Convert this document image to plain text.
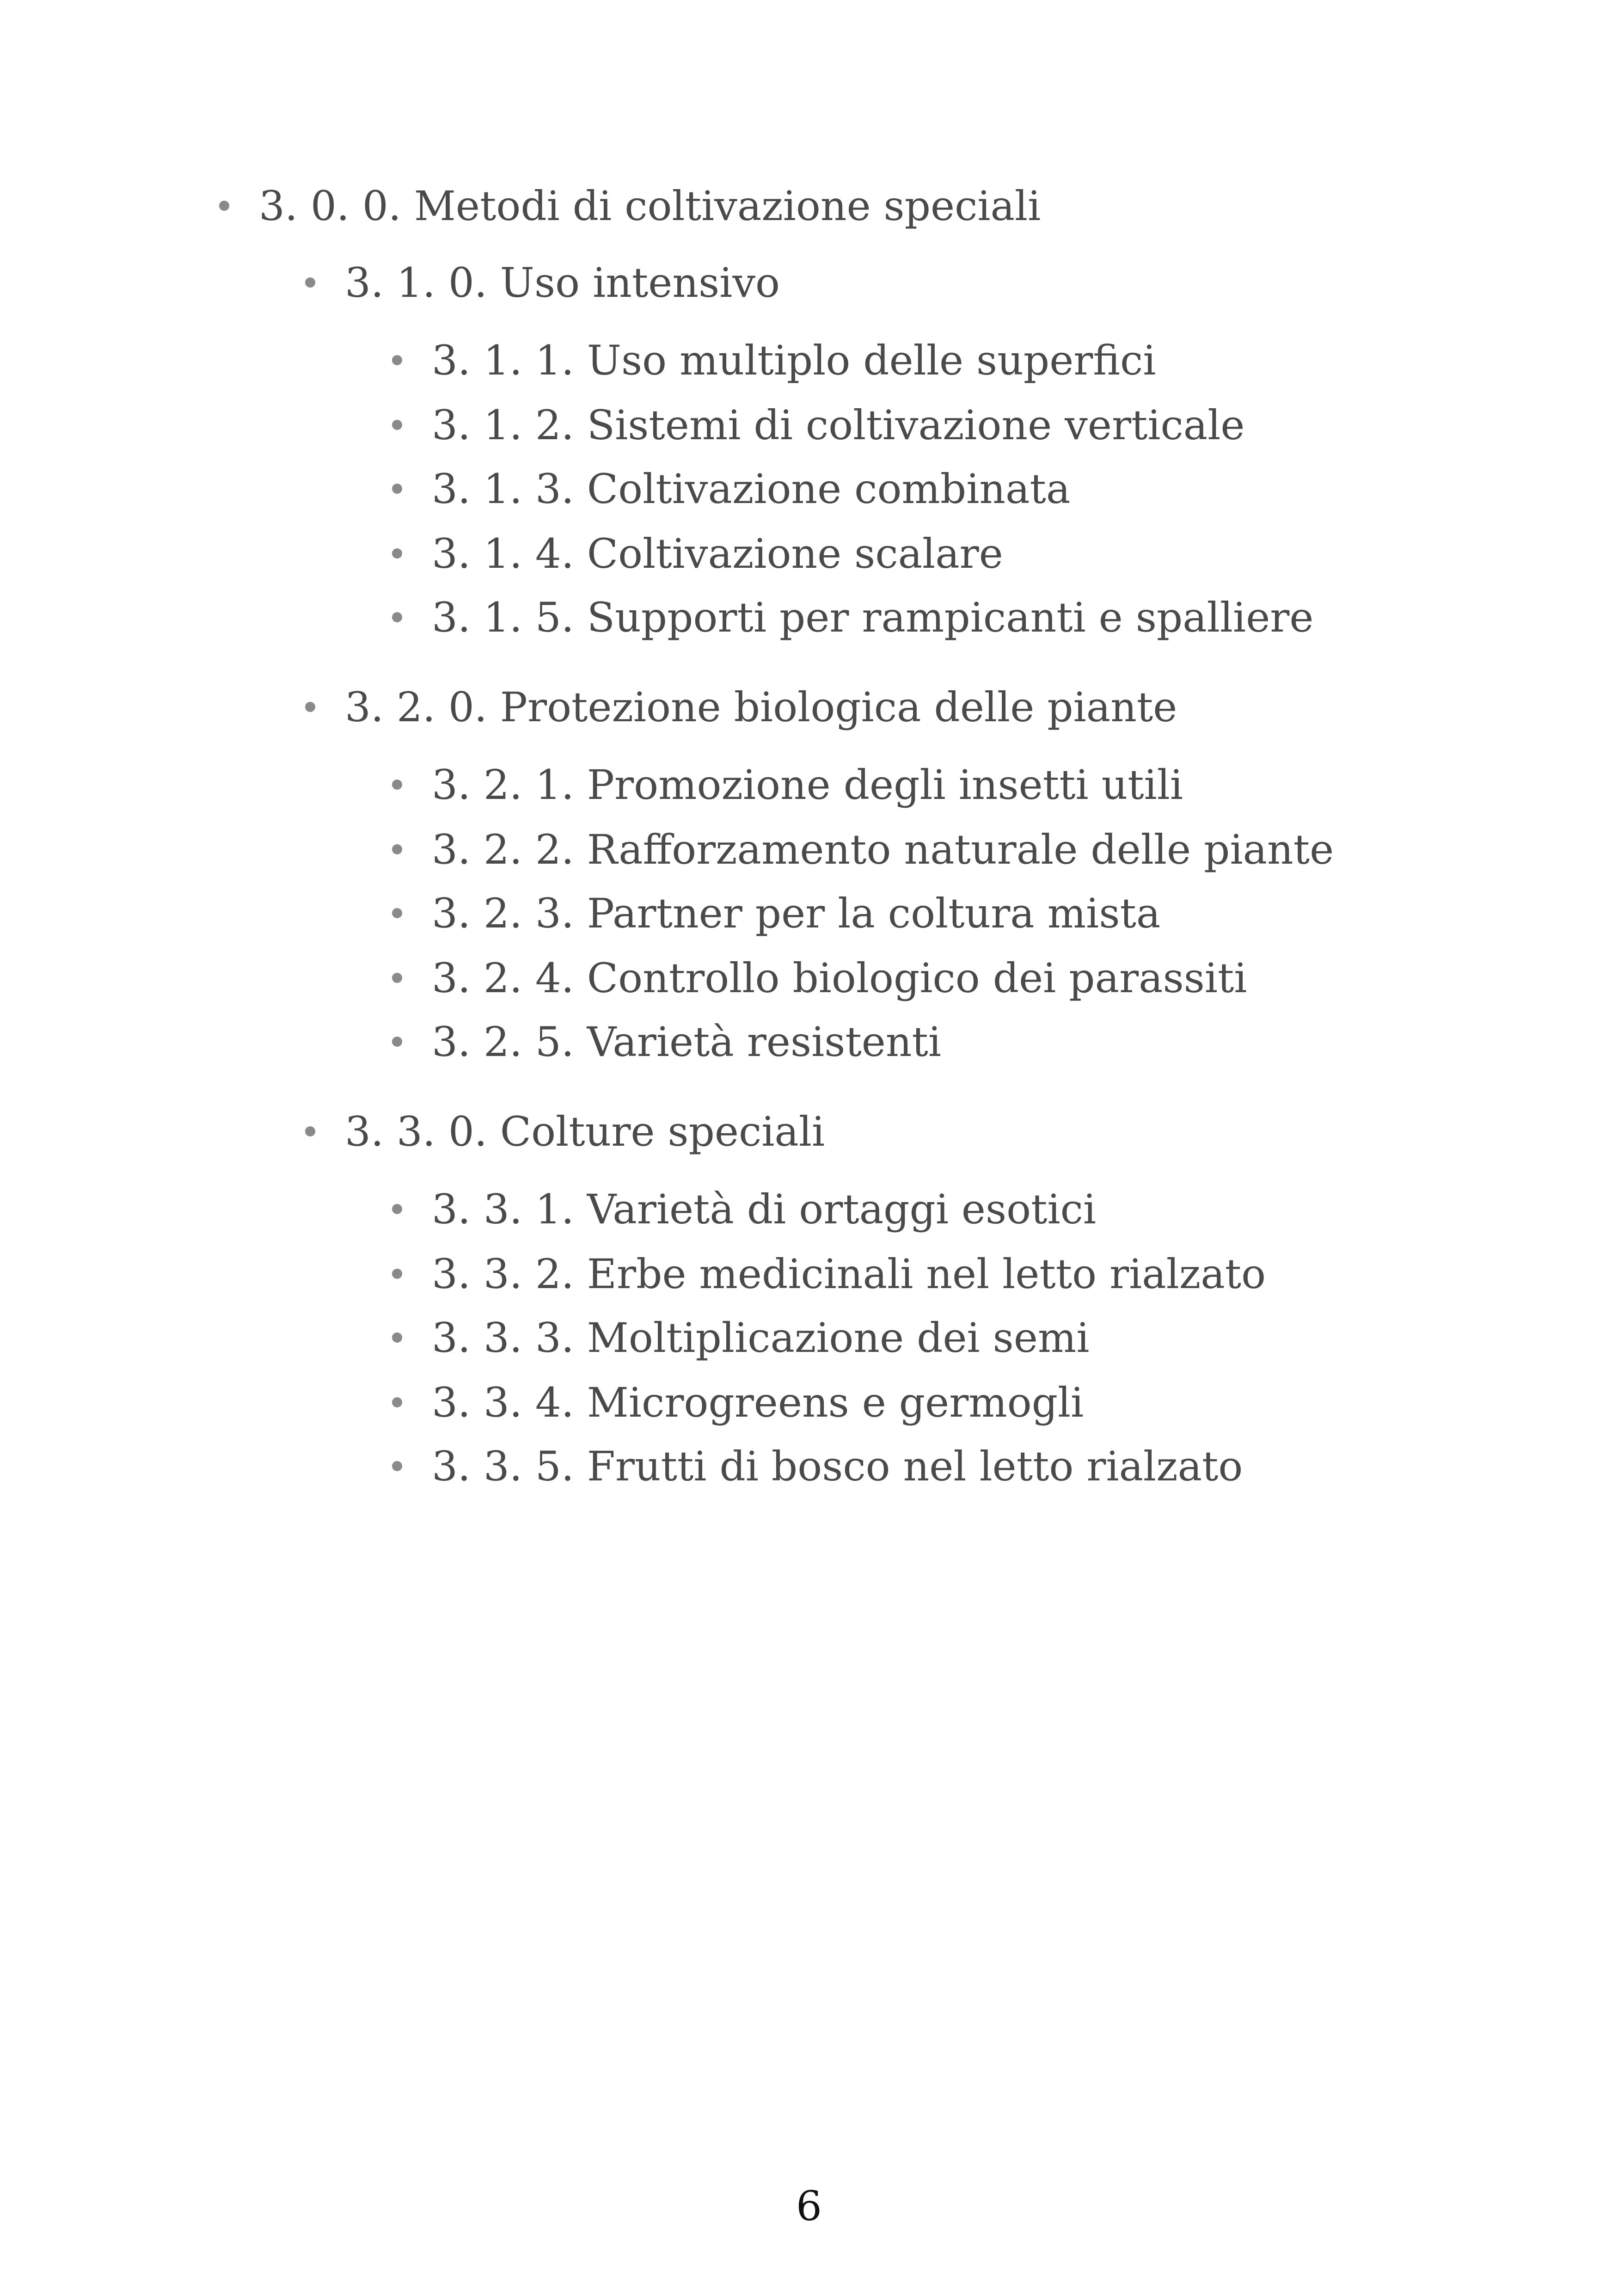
3. 0. 0. Metodi di coltivazione speciali
3. 1. 0. Uso intensivo
3. 1. 1. Uso multiplo delle superfici
3. 1. 2. Sistemi di coltivazione verticale
3. 1. 3. Coltivazione combinata
3. 1. 4. Coltivazione scalare
3. 1. 5. Supporti per rampicanti e spalliere
3. 2. 0. Protezione biologica delle piante
3. 2. 1. Promozione degli insetti utili
3. 2. 2. Rafforzamento naturale delle piante
3. 2. 3. Partner per la coltura mista
3. 2. 4. Controllo biologico dei parassiti
3. 2. 5. Varietà resistenti
3. 3. 0. Colture speciali
3. 3. 1. Varietà di ortaggi esotici
3. 3. 2. Erbe medicinali nel letto rialzato
3. 3. 3. Moltiplicazione dei semi
3. 3. 4. Microgreens e germogli
3. 3. 5. Frutti di bosco nel letto rialzato
6
